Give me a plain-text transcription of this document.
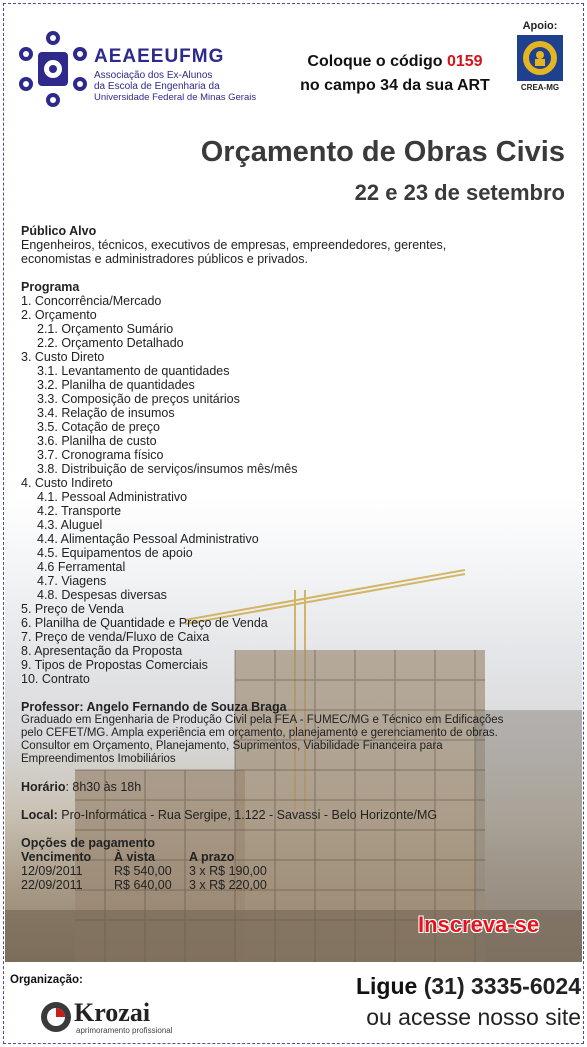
AEAEEUFMG
Associação dos Ex-Alunos
da Escola de Engenharia da
Universidade Federal de Minas Gerais
Coloque o código 0159
no campo 34 da sua ART
Apoio:
CREA-MG
Orçamento de Obras Civis
22 e 23 de setembro
Público Alvo
Engenheiros, técnicos, executivos de empresas, empreendedores, gerentes,
economistas e administradores públicos e privados.
Programa
1. Concorrência/Mercado
2. Orçamento
2.1. Orçamento Sumário
2.2. Orçamento Detalhado
3. Custo Direto
3.1. Levantamento de quantidades
3.2. Planilha de quantidades
3.3. Composição de preços unitários
3.4. Relação de insumos
3.5. Cotação de preço
3.6. Planilha de custo
3.7. Cronograma físico
3.8. Distribuição de serviços/insumos mês/mês
4. Custo Indireto
4.1. Pessoal Administrativo
4.2. Transporte
4.3. Aluguel
4.4. Alimentação Pessoal Administrativo
4.5. Equipamentos de apoio
4.6 Ferramental
4.7. Viagens
4.8. Despesas diversas
5. Preço de Venda
6. Planilha de Quantidade e Preço de Venda
7. Preço de venda/Fluxo de Caixa
8. Apresentação da Proposta
9. Tipos de Propostas Comerciais
10. Contrato
Professor: Angelo Fernando de Souza Braga
Graduado em Engenharia de Produção Civil pela FEA - FUMEC/MG e Técnico em Edificações
pelo CEFET/MG. Ampla experiência em orçamento, planejamento e gerenciamento de obras.
Consultor em Orçamento, Planejamento, Suprimentos, Viabilidade Financeira para
Empreendimentos Imobiliários
Horário: 8h30 às 18h
Local: Pro-Informática - Rua Sergipe, 1.122 - Savassi - Belo Horizonte/MG
Opções de pagamento
Vencimento	À vista	A prazo
12/09/2011	R$ 540,00	3 x R$ 190,00
22/09/2011	R$ 640,00	3 x R$ 220,00
Inscreva-se
Organização:
Krozai
aprimoramento profissional
Ligue (31) 3335-6024
ou acesse nosso site
